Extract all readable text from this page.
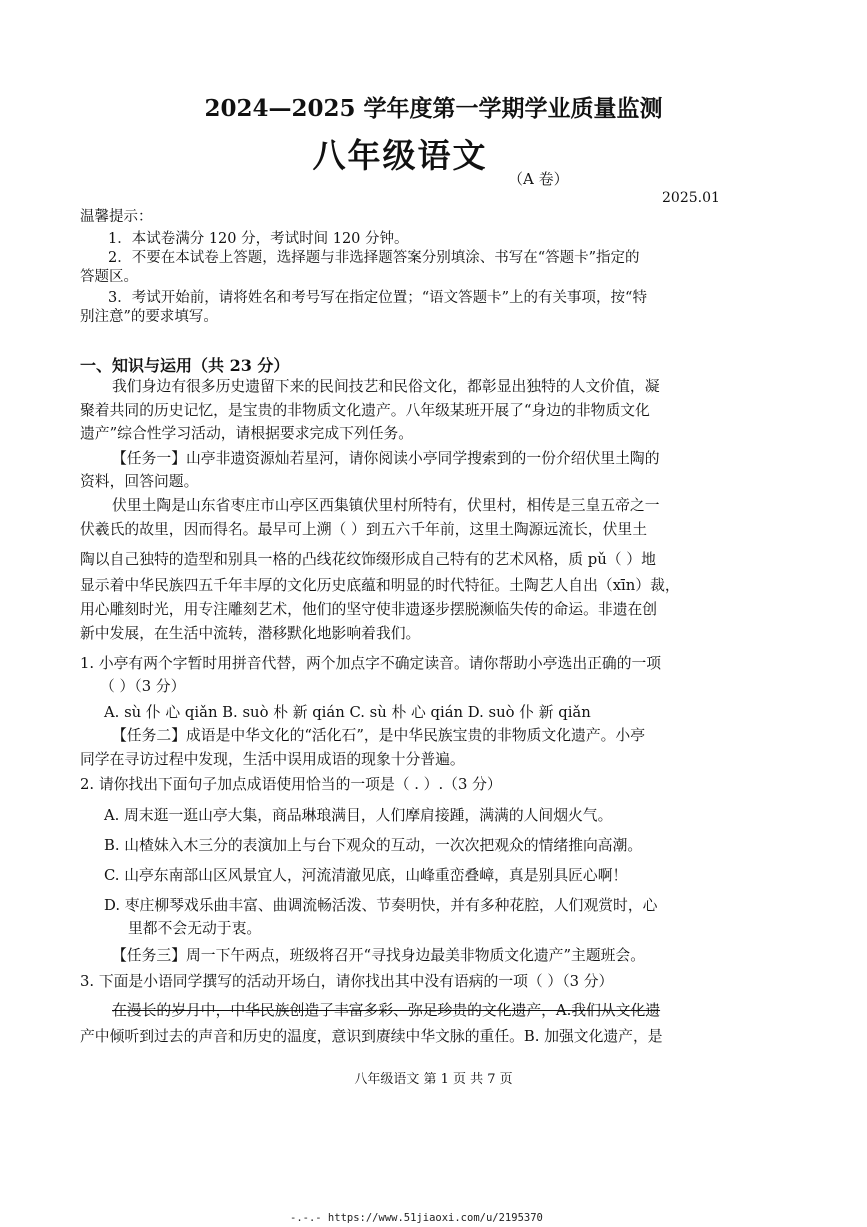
2024—2025 学年度第一学期学业质量监测
八年级语文
（A 卷）
2025.01
温馨提示：
1．本试卷满分 120 分，考试时间 120 分钟。
2．不要在本试卷上答题，选择题与非选择题答案分别填涂、书写在“答题卡”指定的
答题区。
3．考试开始前，请将姓名和考号写在指定位置；“语文答题卡”上的有关事项，按“特
别注意”的要求填写。
一、知识与运用（共 23 分）
我们身边有很多历史遗留下来的民间技艺和民俗文化，都彰显出独特的人文价值，凝
聚着共同的历史记忆，是宝贵的非物质文化遗产。八年级某班开展了“身边的非物质文化
遗产”综合性学习活动，请根据要求完成下列任务。
【任务一】山亭非遗资源灿若星河，请你阅读小亭同学搜索到的一份介绍伏里土陶的
资料，回答问题。
伏里土陶是山东省枣庄市山亭区西集镇伏里村所特有，伏里村，相传是三皇五帝之一
伏羲氏的故里，因而得名。最早可上溯（ ）到五六千年前，这里土陶源远流长，伏里土
陶以自己独特的造型和别具一格的凸线花纹饰缀形成自己特有的艺术风格，质 pǔ（ ）地
显示着中华民族四五千年丰厚的文化历史底蕴和明显的时代特征。土陶艺人自出（xīn）裁，
用心雕刻时光，用专注雕刻艺术，他们的坚守使非遗逐步摆脱濒临失传的命运。非遗在创
新中发展，在生活中流转，潜移默化地影响着我们。
1. 小亭有两个字暂时用拼音代替，两个加点字不确定读音。请你帮助小亭选出正确的一项
（ ）（3 分）
A. sù 仆 心 qiǎn B. suò 朴 新 qián C. sù 朴 心 qián D. suò 仆 新 qiǎn
【任务二】成语是中华文化的“活化石”，是中华民族宝贵的非物质文化遗产。小亭
同学在寻访过程中发现，生活中误用成语的现象十分普遍。
2. 请你找出下面句子加点成语使用恰当的一项是（ . ）.（3 分）
A. 周末逛一逛山亭大集，商品琳琅满目，人们摩肩接踵，满满的人间烟火气。
B. 山楂妹入木三分的表演加上与台下观众的互动，一次次把观众的情绪推向高潮。
C. 山亭东南部山区风景宜人，河流清澈见底，山峰重峦叠嶂，真是别具匠心啊！
D. 枣庄柳琴戏乐曲丰富、曲调流畅活泼、节奏明快，并有多种花腔，人们观赏时，心
里都不会无动于衷。
【任务三】周一下午两点，班级将召开“寻找身边最美非物质文化遗产”主题班会。
3. 下面是小语同学撰写的活动开场白，请你找出其中没有语病的一项（ ）（3 分）
在漫长的岁月中，中华民族创造了丰富多彩、弥足珍贵的文化遗产，A.我们从文化遗
产中倾听到过去的声音和历史的温度，意识到赓续中华文脉的重任。B. 加强文化遗产，是
八年级语文 第 1 页 共 7 页
-.-.- https://www.51jiaoxi.com/u/2195370
